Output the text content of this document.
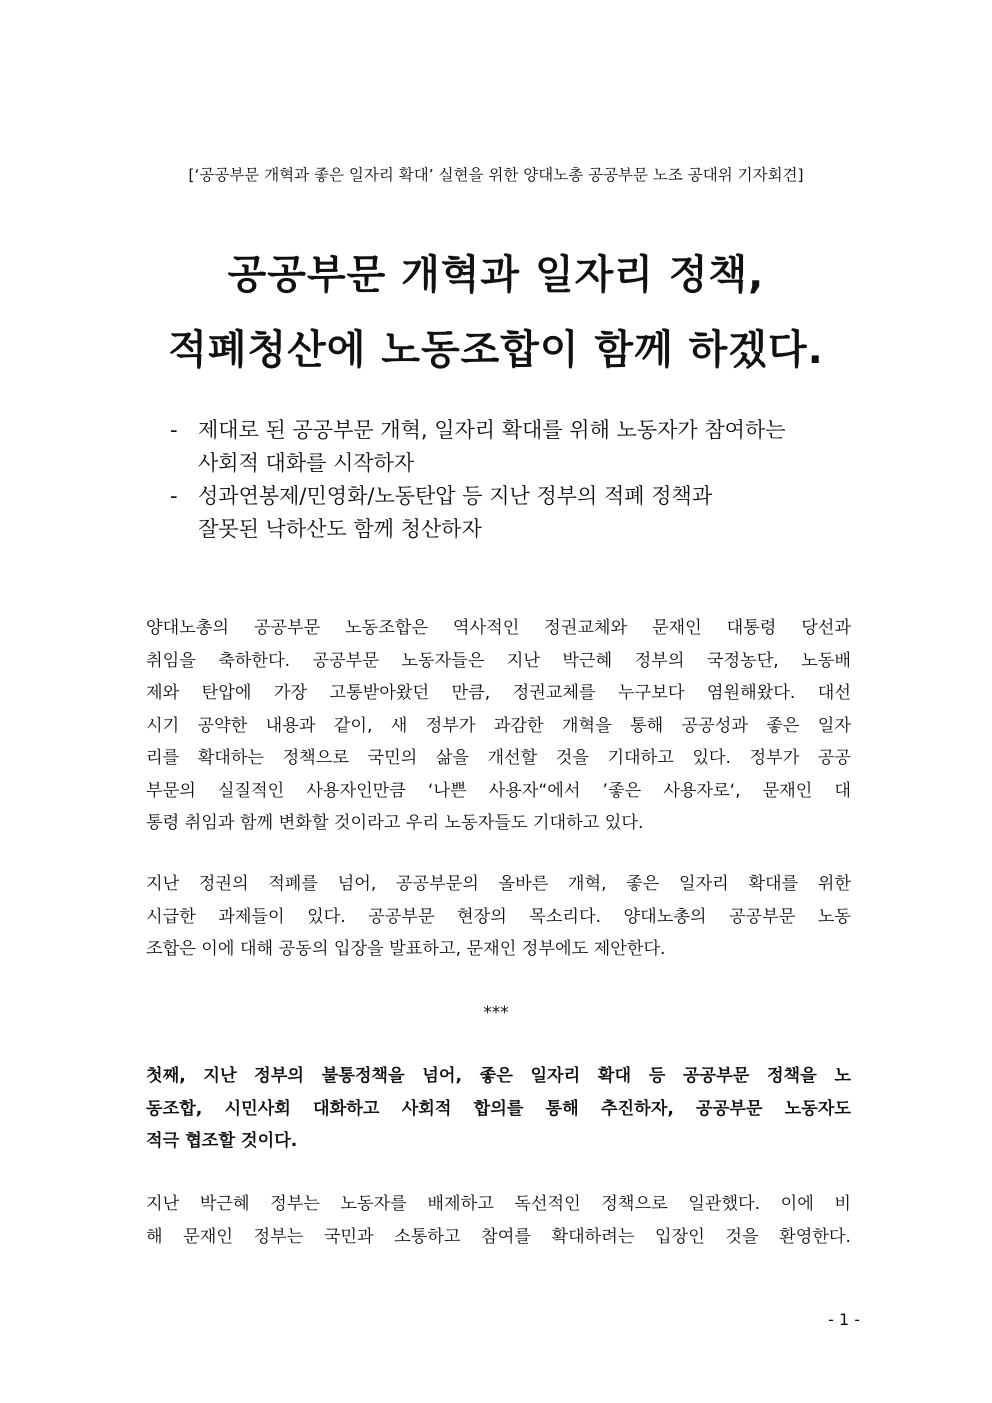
[‘공공부문 개혁과 좋은 일자리 확대’ 실현을 위한 양대노총 공공부문 노조 공대위 기자회견]
공공부문 개혁과 일자리 정책,
적폐청산에 노동조합이 함께 하겠다.
- 제대로 된 공공부문 개혁, 일자리 확대를 위해 노동자가 참여하는
사회적 대화를 시작하자
- 성과연봉제/민영화/노동탄압 등 지난 정부의 적폐 정책과
잘못된 낙하산도 함께 청산하자
양대노총의 공공부문 노동조합은 역사적인 정권교체와 문재인 대통령 당선과
취임을 축하한다. 공공부문 노동자들은 지난 박근혜 정부의 국정농단, 노동배
제와 탄압에 가장 고통받아왔던 만큼, 정권교체를 누구보다 염원해왔다. 대선
시기 공약한 내용과 같이, 새 정부가 과감한 개혁을 통해 공공성과 좋은 일자
리를 확대하는 정책으로 국민의 삶을 개선할 것을 기대하고 있다. 정부가 공공
부문의 실질적인 사용자인만큼 ‘나쁜 사용자“에서 ’좋은 사용자로‘, 문재인 대
통령 취임과 함께 변화할 것이라고 우리 노동자들도 기대하고 있다.
지난 정권의 적폐를 넘어, 공공부문의 올바른 개혁, 좋은 일자리 확대를 위한
시급한 과제들이 있다. 공공부문 현장의 목소리다. 양대노총의 공공부문 노동
조합은 이에 대해 공동의 입장을 발표하고, 문재인 정부에도 제안한다.
***
첫째, 지난 정부의 불통정책을 넘어, 좋은 일자리 확대 등 공공부문 정책을 노
동조합, 시민사회 대화하고 사회적 합의를 통해 추진하자, 공공부문 노동자도
적극 협조할 것이다.
지난 박근혜 정부는 노동자를 배제하고 독선적인 정책으로 일관했다. 이에 비
해 문재인 정부는 국민과 소통하고 참여를 확대하려는 입장인 것을 환영한다.
- 1 -
